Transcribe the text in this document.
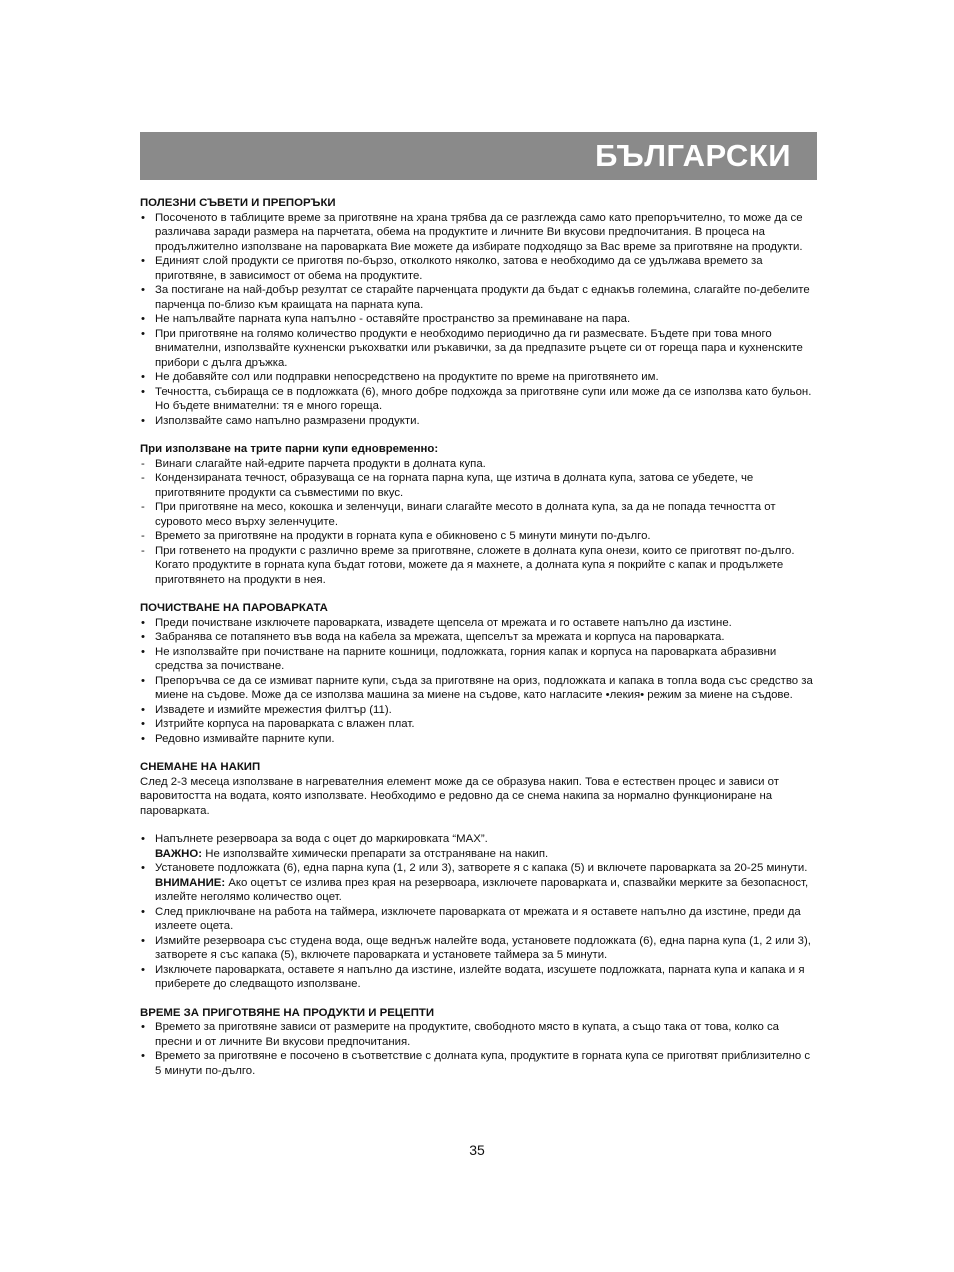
БЪЛГАРСКИ

ПОЛЕЗНИ СЪВЕТИ И ПРЕПОРЪКИ

• Посоченото в таблиците време за приготвяне на храна трябва да се разглежда само като препоръчително, то може да се различава заради размера на парчетата, обема на продуктите и личните Ви вкусови предпочитания. В процеса на продължително използване на пароварката Вие можете да избирате подходящо за Вас време за приготвяне на продукти.
• Единият слой продукти се приготвя по-бързо, отколкото няколко, затова е необходимо да се удължава времето за приготвяне, в зависимост от обема на продуктите.
• За постигане на най-добър резултат се старайте парченцата продукти да бъдат с еднакъв големина, слагайте по-дебелите парченца по-близо към краищата на парната купа.
• Не напълвайте парната купа напълно - оставяйте пространство за преминаване на пара.
• При приготвяне на голямо количество продукти е необходимо периодично да ги размесвате. Бъдете при това много внимателни, използвайте кухненски ръкохватки или ръкавички, за да предпазите ръцете си от гореща пара и кухненските прибори с дълга дръжка.
• Не добавяйте сол или подправки непосредствено на продуктите по време на приготвянето им.
• Течността, събираща се в подложката (6), много добре подхожда за приготвяне супи или може да се използва като бульон. Но бъдете внимателни: тя е много гореща.
• Използвайте само напълно размразени продукти.

При използване на трите парни купи едновременно:

- Винаги слагайте най-едрите парчета продукти в долната купа.
- Кондензираната течност, образуваща се на горната парна купа, ще изтича в долната купа, затова се убедете, че приготвяните продукти са съвместими по вкус.
- При приготвяне на месо, кокошка и зеленчуци, винаги слагайте месото в долната купа, за да не попада течността от суровото месо върху зеленчуците.
- Времето за приготвяне на продукти в горната купа е обикновено с 5 минути минути по-дълго.
- При готвенето на продукти с различно време за приготвяне, сложете в долната купа онези, които се приготвят по-дълго. Когато продуктите в горната купа бъдат готови, можете да я махнете, а долната купа я покрийте с капак и продължете приготвянето на продукти в нея.

ПОЧИСТВАНЕ НА ПАРОВАРКАТА

• Преди почистване изключете пароварката, извадете щепсела от мрежата и го оставете напълно да изстине.
• Забранява се потапянето във вода на кабела за мрежата, щепселът за мрежата и корпуса на пароварката.
• Не използвайте при почистване на парните кошници, подложката, горния капак и корпуса на пароварката абразивни средства за почистване.
• Препоръчва се да се измиват парните купи, съда за приготвяне на ориз, подложката и капака в топла вода със средство за миене на съдове. Може да се използва машина за миене на съдове, като нагласите •лекия• режим за миене на съдове.
• Извадете и измийте мрежестия филтър (11).
• Изтрийте корпуса на пароварката с влажен плат.
• Редовно измивайте парните купи.

СНЕМАНЕ НА НАКИП

След 2-3 месеца използване в нагревателния елемент може да се образува накип. Това е естествен процес и зависи от варовитостта на водата, която използвате. Необходимо е редовно да се снема накипа за нормално функциониране на пароварката.

• Напълнете резервоара за вода с оцет до маркировката “MAX”.
ВАЖНО: Не използвайте химически препарати за отстраняване на накип.
• Установете подложката (6), една парна купа (1, 2 или 3), затворете я с капака (5) и включете пароварката за 20-25 минути.
ВНИМАНИЕ: Ако оцетът се излива през края на резервоара, изключете пароварката и, спазвайки мерките за безопасност, излейте неголямо количество оцет.
• След приключване на работа на таймера, изключете пароварката от мрежата и я оставете напълно да изстине, преди да излеете оцета.
• Измийте резервоара със студена вода, още веднъж налейте вода, установете подложката (6), една парна купа (1, 2 или 3), затворете я със капака (5), включете пароварката и установете таймера за 5 минути.
• Изключете пароварката, оставете я напълно да изстине, излейте водата, изсушете подложката, парната купа и капака и я приберете до следващото използване.

ВРЕМЕ ЗА ПРИГОТВЯНЕ НА ПРОДУКТИ И РЕЦЕПТИ

• Времето за приготвяне зависи от размерите на продуктите, свободното място в купата, а също така от това, колко са пресни и от личните Ви вкусови предпочитания.
• Времето за приготвяне е посочено в съответствие с долната купа, продуктите в горната купа се приготвят приблизително с 5 минути по-дълго.
35
